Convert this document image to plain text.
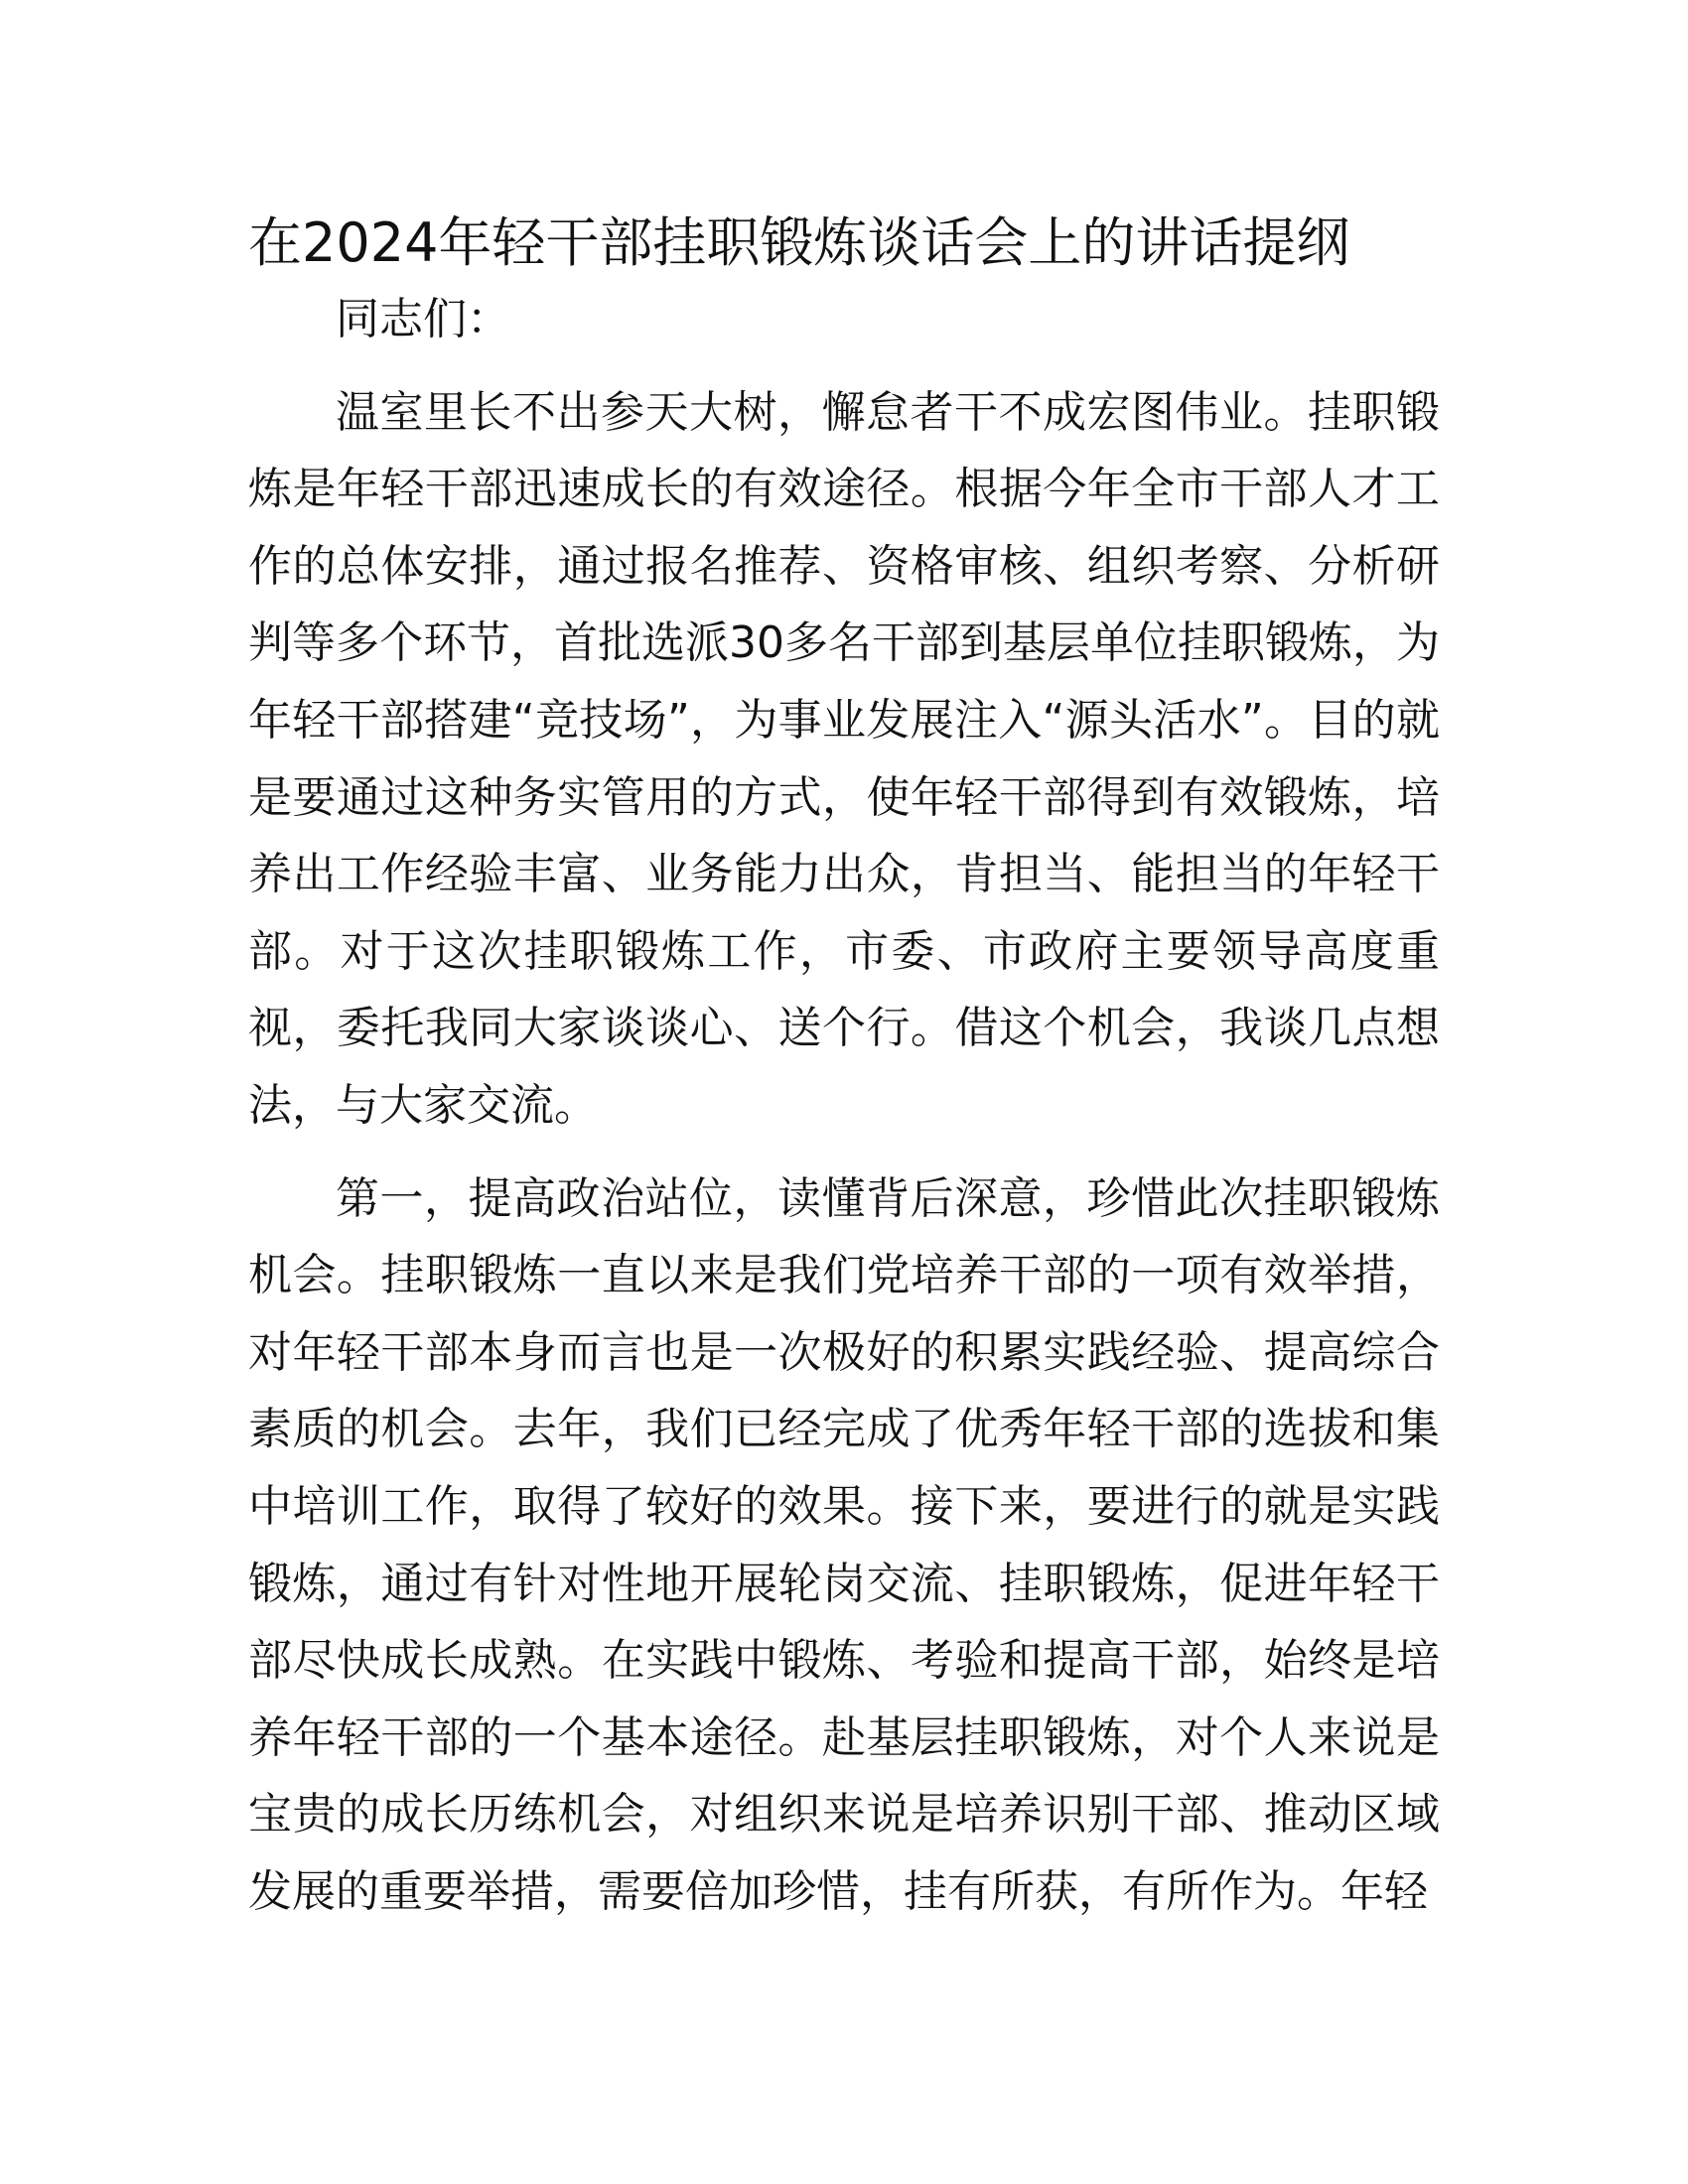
在2024年轻干部挂职锻炼谈话会上的讲话提纲

同志们：

温室里长不出参天大树，懈怠者干不成宏图伟业。挂职锻炼是年轻干部迅速成长的有效途径。根据今年全市干部人才工作的总体安排，通过报名推荐、资格审核、组织考察、分析研判等多个环节，首批选派30多名干部到基层单位挂职锻炼，为年轻干部搭建“竞技场”，为事业发展注入“源头活水”。目的就是要通过这种务实管用的方式，使年轻干部得到有效锻炼，培养出工作经验丰富、业务能力出众，肯担当、能担当的年轻干部。对于这次挂职锻炼工作，市委、市政府主要领导高度重视，委托我同大家谈谈心、送个行。借这个机会，我谈几点想法，与大家交流。

第一，提高政治站位，读懂背后深意，珍惜此次挂职锻炼机会。挂职锻炼一直以来是我们党培养干部的一项有效举措，对年轻干部本身而言也是一次极好的积累实践经验、提高综合素质的机会。去年，我们已经完成了优秀年轻干部的选拔和集中培训工作，取得了较好的效果。接下来，要进行的就是实践锻炼，通过有针对性地开展轮岗交流、挂职锻炼，促进年轻干部尽快成长成熟。在实践中锻炼、考验和提高干部，始终是培养年轻干部的一个基本途径。赴基层挂职锻炼，对个人来说是宝贵的成长历练机会，对组织来说是培养识别干部、推动区域发展的重要举措，需要倍加珍惜，挂有所获，有所作为。年轻
